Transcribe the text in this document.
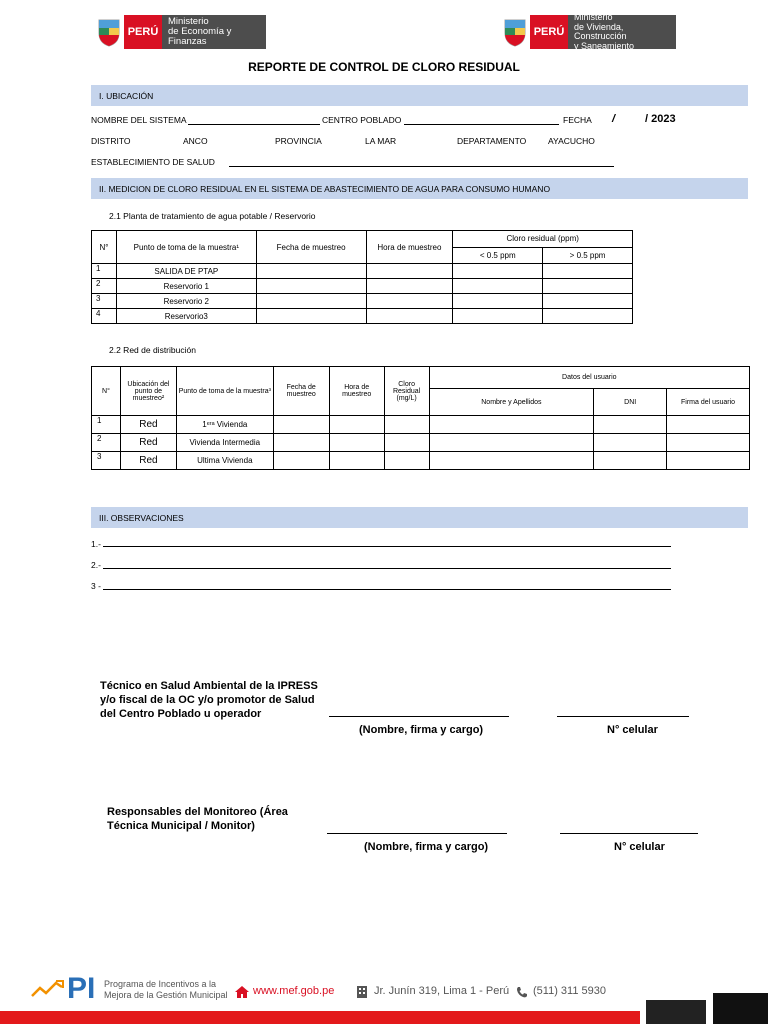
PERÚ
Ministerio
de Economía y Finanzas
PERÚ
Ministerio
de Vivienda, Construcción
y Saneamiento
REPORTE DE CONTROL DE CLORO RESIDUAL
I. UBICACIÓN
NOMBRE DEL SISTEMA	CENTRO POBLADO	FECHA /	/ 2023
DISTRITO	ANCO	PROVINCIA	LA MAR	DEPARTAMENTO	AYACUCHO
ESTABLECIMIENTO DE SALUD
II. MEDICION DE CLORO RESIDUAL EN EL SISTEMA DE ABASTECIMIENTO DE AGUA PARA CONSUMO HUMANO
2.1 Planta de tratamiento de agua potable / Reservorio
N°	Punto de toma de la muestra¹	Fecha de muestreo	Hora de muestreo	Cloro residual (ppm)	
				< 0.5 ppm	> 0.5 ppm
1	SALIDA DE PTAP				
2	Reservorio 1				
3	Reservorio 2				
4	Reservorio3				
2.2 Red de distribución
N°	Ubicación del punto de muestreo²	Punto de toma de la muestra³	Fecha de muestreo	Hora de muestreo	Cloro Residual (mg/L)	Datos del usuario		
						Nombre y Apellidos	DNI	Firma del usuario
1	Red	1ᵉʳᵃ Vivienda						
2	Red	Vivienda Intermedia						
3	Red	Ultima Vivienda						
III. OBSERVACIONES
1.-
2.-
3 -
Técnico en Salud Ambiental de la IPRESS y/o fiscal de la OC y/o promotor de Salud del Centro Poblado u operador
(Nombre, firma y cargo)	N° celular
Responsables del Monitoreo (Área Técnica Municipal / Monitor)
(Nombre, firma y cargo)	N° celular
PI Programa de Incentivos a la
Mejora de la Gestión Municipal www.mef.gob.pe	Jr. Junín 319, Lima 1 - Perú (511) 311 5930
